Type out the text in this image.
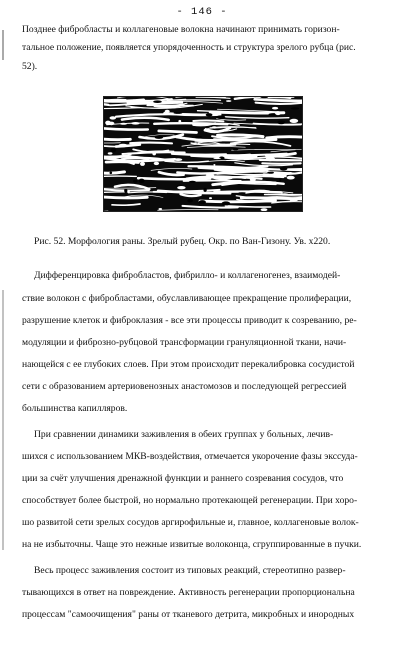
- 146 -
Позднее фибробласты и коллагеновые волокна начинают принимать горизон-
тальное положение, появляется упорядоченность и структура зрелого рубца (рис.
52).
Рис. 52. Морфология раны. Зрелый рубец. Окр. по Ван-Гизону. Ув. х220.
Дифференцировка фибробластов, фибрилло- и коллагеногенез, взаимодей-
ствие волокон с фибробластами, обуславливающее прекращение пролиферации,
разрушение клеток и фиброклазия - все эти процессы приводит к созреванию, ре-
модуляции и фиброзно-рубцовой трансформации грануляционной ткани, начи-
нающейся с ее глубоких слоев. При этом происходит перекалибровка сосудистой
сети с образованием артериовенозных анастомозов и последующей регрессией
большинства капилляров.
При сравнении динамики заживления в обеих группах у больных, лечив-
шихся с использованием МКВ-воздействия, отмечается укорочение фазы экссуда-
ции за счёт улучшения дренажной функции и раннего созревания сосудов, что
способствует более быстрой, но нормально протекающей регенерации. При хоро-
шо развитой сети зрелых сосудов аргирофильные и, главное, коллагеновые волок-
на не избыточны. Чаще это нежные извитые волоконца, сгруппированные в пучки.
Весь процесс заживления состоит из типовых реакций, стереотипно развер-
тывающихся в ответ на повреждение. Активность регенерации пропорциональна
процессам "самоочищения" раны от тканевого детрита, микробных и инородных
